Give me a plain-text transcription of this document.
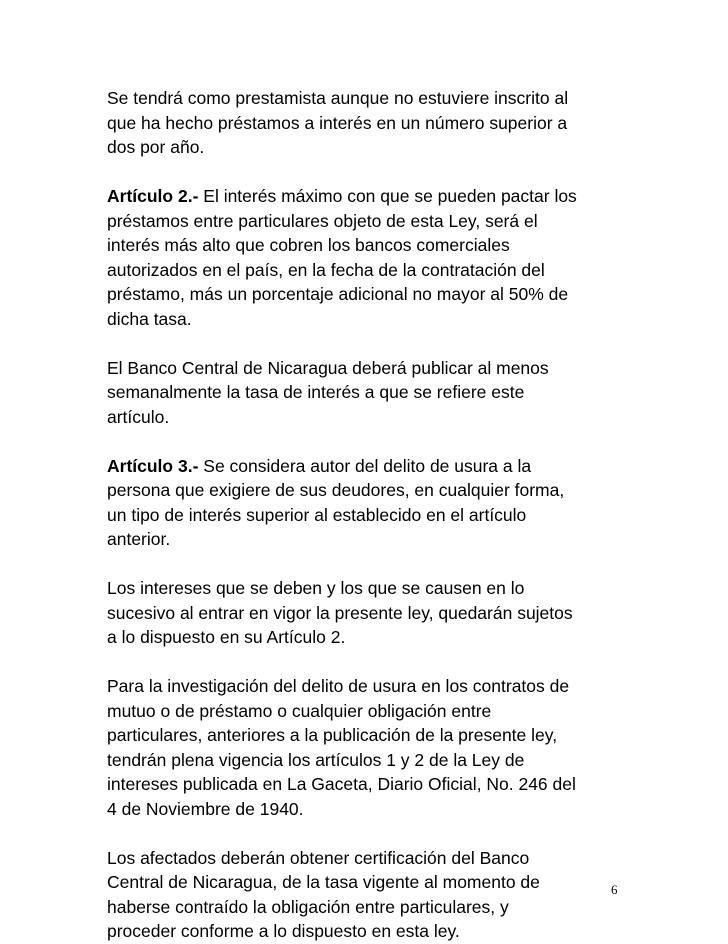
Se tendrá como prestamista aunque no estuviere inscrito al
que ha hecho préstamos a interés en un número superior a
dos por año.

Artículo 2.- El interés máximo con que se pueden pactar los
préstamos entre particulares objeto de esta Ley, será el
interés más alto que cobren los bancos comerciales
autorizados en el país, en la fecha de la contratación del
préstamo, más un porcentaje adicional no mayor al 50% de
dicha tasa.

El Banco Central de Nicaragua deberá publicar al menos
semanalmente la tasa de interés a que se refiere este
artículo.

Artículo 3.- Se considera autor del delito de usura a la
persona que exigiere de sus deudores, en cualquier forma,
un tipo de interés superior al establecido en el artículo
anterior.

Los intereses que se deben y los que se causen en lo
sucesivo al entrar en vigor la presente ley, quedarán sujetos
a lo dispuesto en su Artículo 2.

Para la investigación del delito de usura en los contratos de
mutuo o de préstamo o cualquier obligación entre
particulares, anteriores a la publicación de la presente ley,
tendrán plena vigencia los artículos 1 y 2 de la Ley de
intereses publicada en La Gaceta, Diario Oficial, No. 246 del
4 de Noviembre de 1940.

Los afectados deberán obtener certificación del Banco
Central de Nicaragua, de la tasa vigente al momento de
haberse contraído la obligación entre particulares, y
proceder conforme a lo dispuesto en esta ley.

6
